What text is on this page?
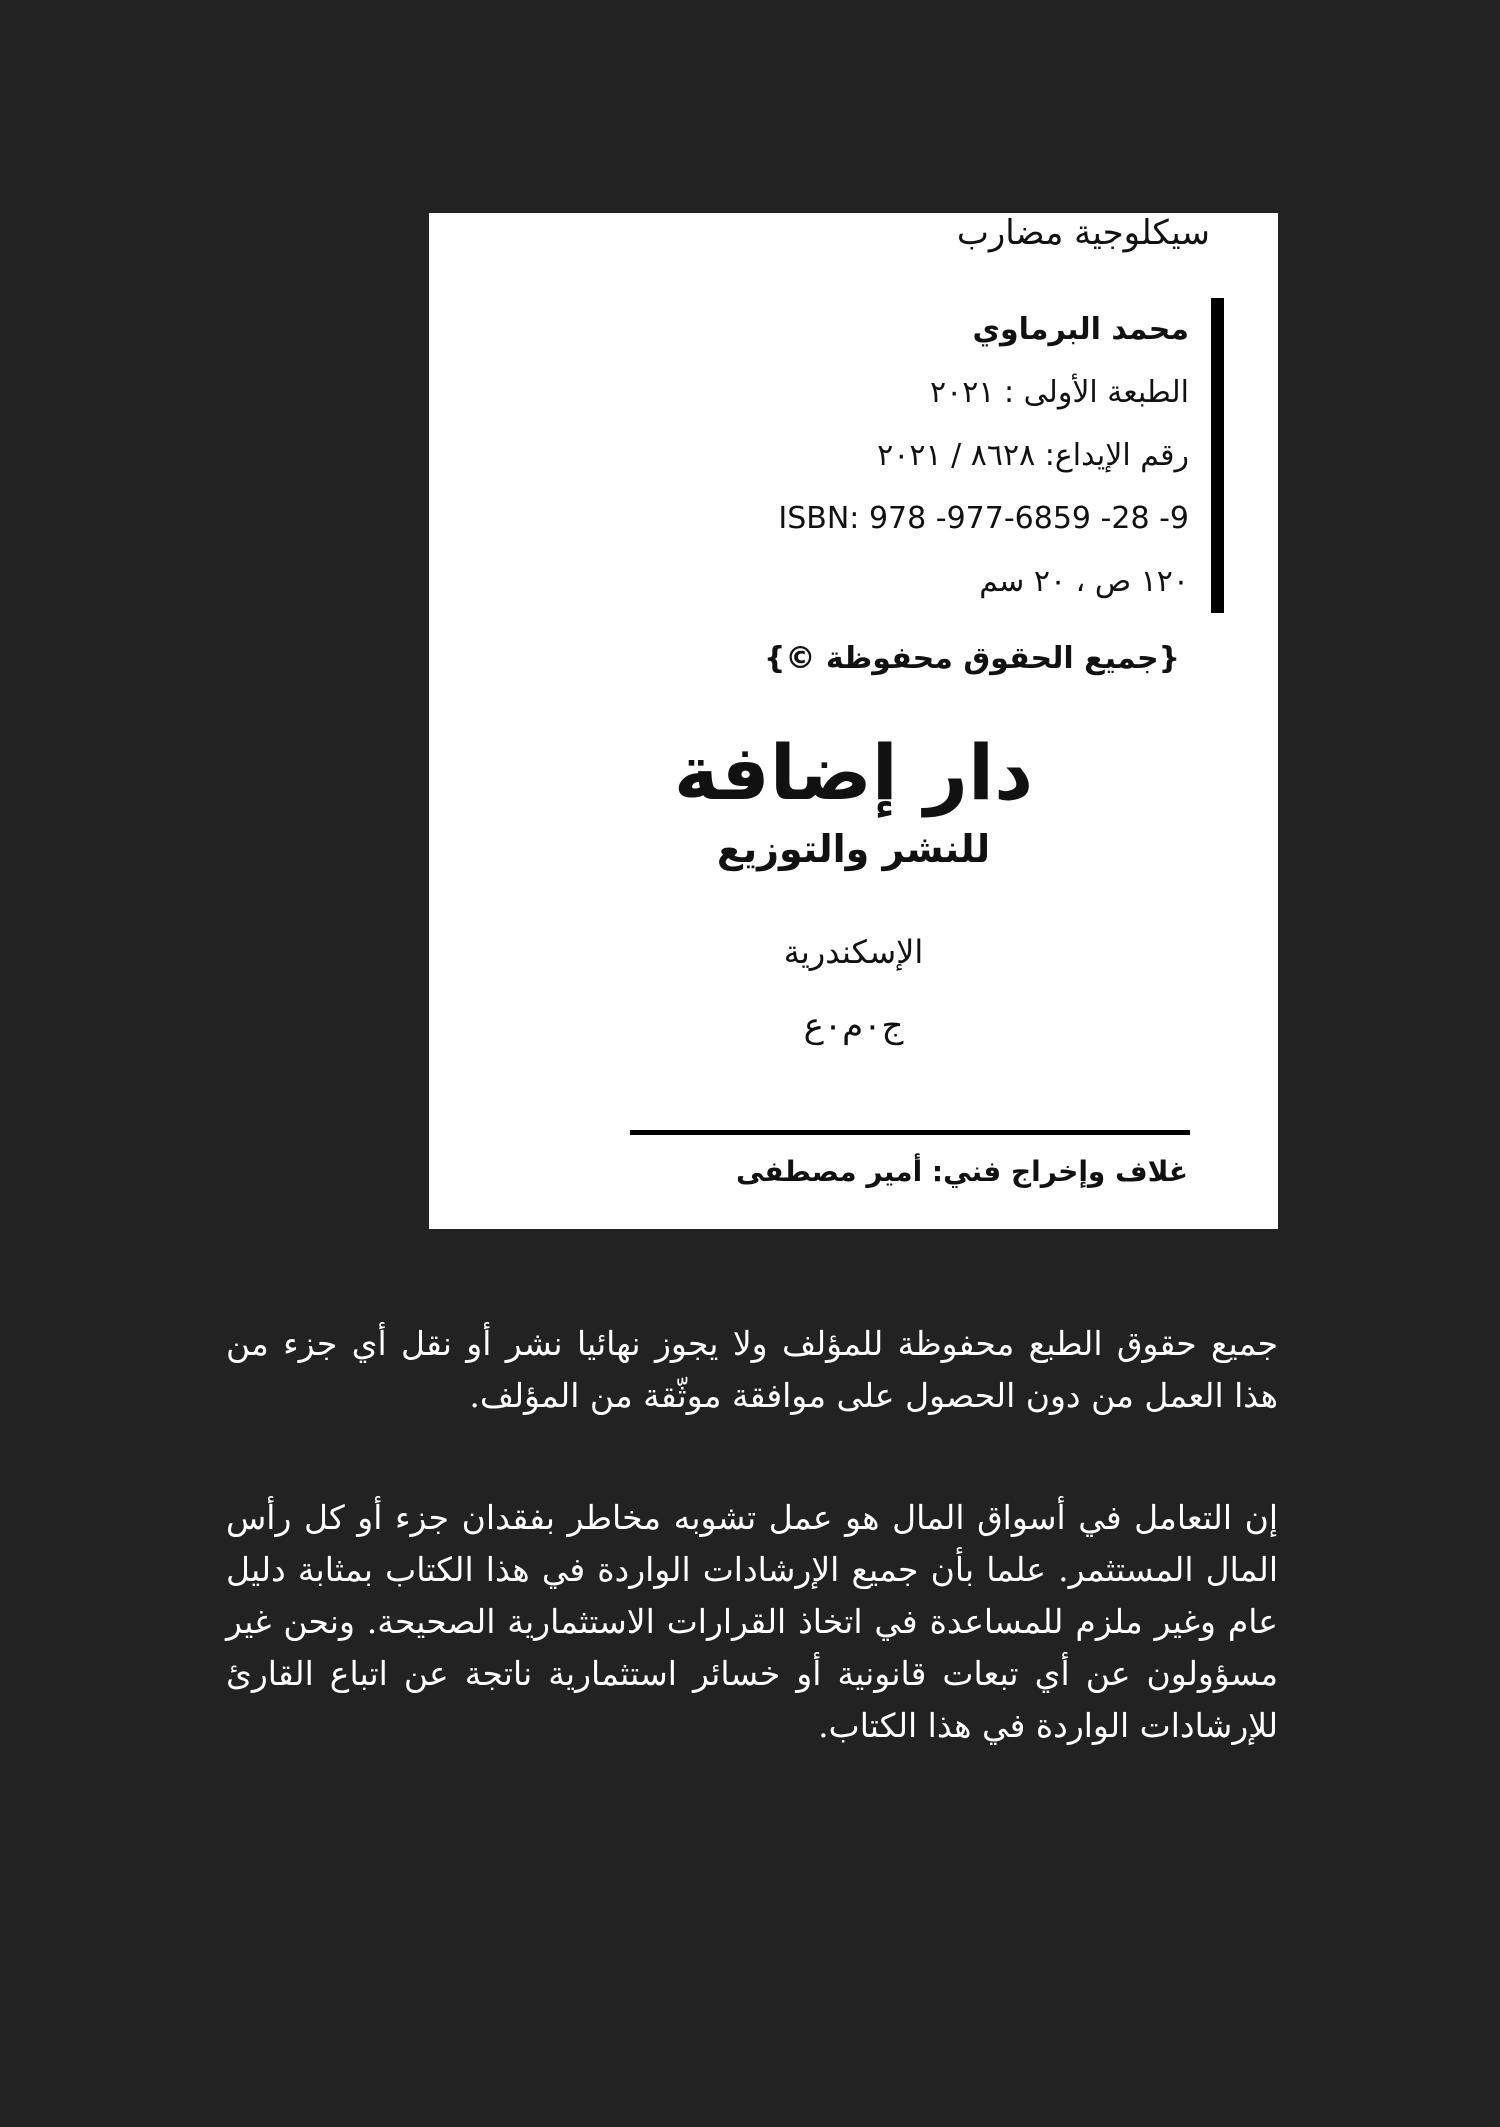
سيكلوجية مضارب
محمد البرماوي
الطبعة الأولى : ٢٠٢١
رقم الإيداع: ٨٦٢٨ / ٢٠٢١
ISBN: 978 -977-6859 -28 -9
١٢٠ ص ، ٢٠ سم
{جميع الحقوق محفوظة ©}
دار إضافة
للنشر والتوزيع
الإسكندرية
ج٠م٠ع
غلاف وإخراج فني: أمير مصطفى

جميع حقوق الطبع محفوظة للمؤلف ولا يجوز نهائيا نشر أو نقل أي جزء من هذا العمل من دون الحصول على موافقة موثّقة من المؤلف.

إن التعامل في أسواق المال هو عمل تشوبه مخاطر بفقدان جزء أو كل رأس المال المستثمر. علما بأن جميع الإرشادات الواردة في هذا الكتاب بمثابة دليل عام وغير ملزم للمساعدة في اتخاذ القرارات الاستثمارية الصحيحة. ونحن غير مسؤولون عن أي تبعات قانونية أو خسائر استثمارية ناتجة عن اتباع القارئ للإرشادات الواردة في هذا الكتاب.
